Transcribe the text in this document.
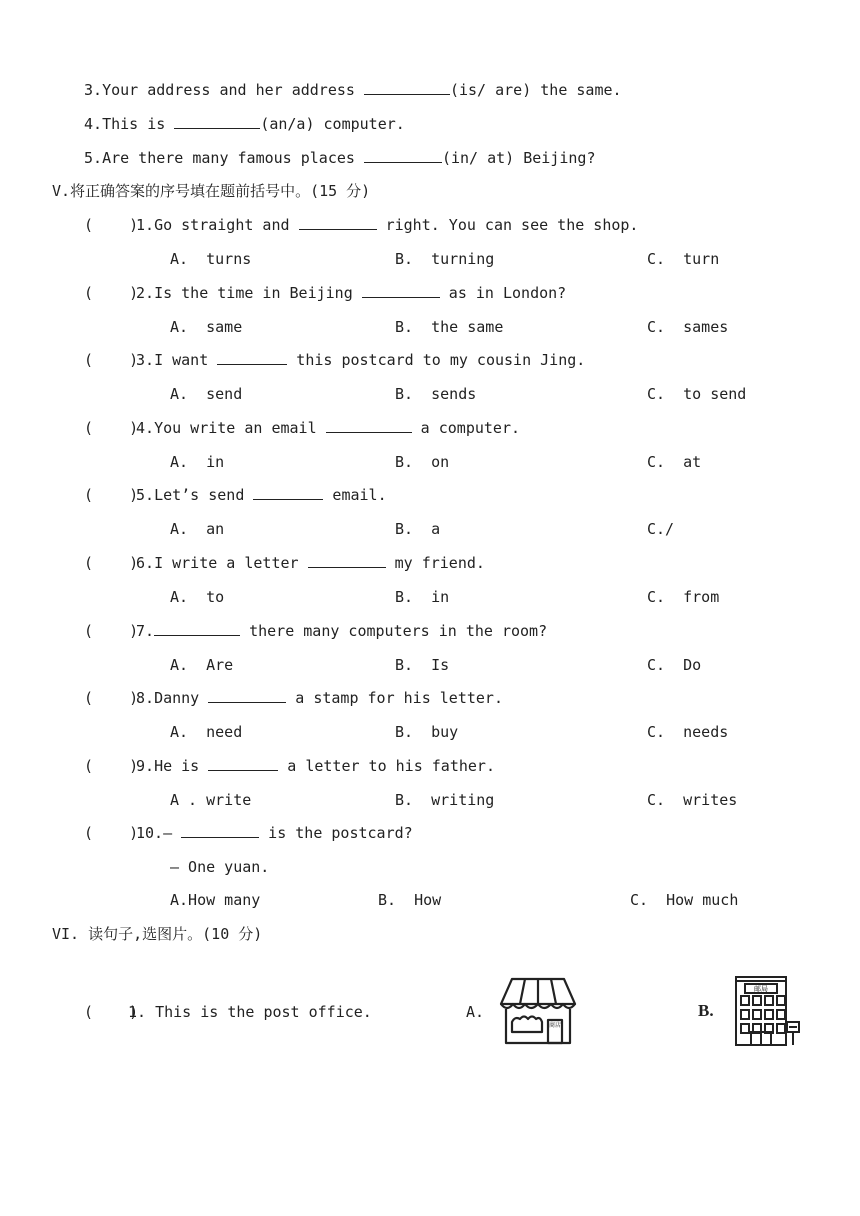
3.Your address and her address	(is/ are) the same.
4.This is	(an/a) computer.
5.Are there many famous places	(in/ at) Beijing?
V.将正确答案的序号填在题前括号中。(15 分)
(    )
1.Go straight and	right. You can see the shop.
A.  turns	B.  turning	C.  turn
(    )
2.Is the time in Beijing	as in London?
A.  same	B.  the same	C.  sames
(    )
3.I want	this postcard to my cousin Jing.
A.  send	B.  sends	C.  to send
(    )
4.You write an email	a computer.
A.  in	B.  on	C.  at
(    )
5.Let’s send	email.
A.  an	B.  a	C./
(    )
6.I write a letter	my friend.
A.  to	B.  in	C.  from
(    )
7.	there many computers in the room?
A.  Are	B.  Is	C.  Do
(    )
8.Danny	a stamp for his letter.
A.  need	B.  buy	C.  needs
(    )
9.He is	a letter to his father.
A . write	B.  writing	C.  writes
(    )
10.—	is the postcard?
— One yuan.
A.How many	B.  How	C.  How much
VI. 读句子,选图片。(10 分)
(    )
1. This is the post office.	A.	B.
商店
邮局
